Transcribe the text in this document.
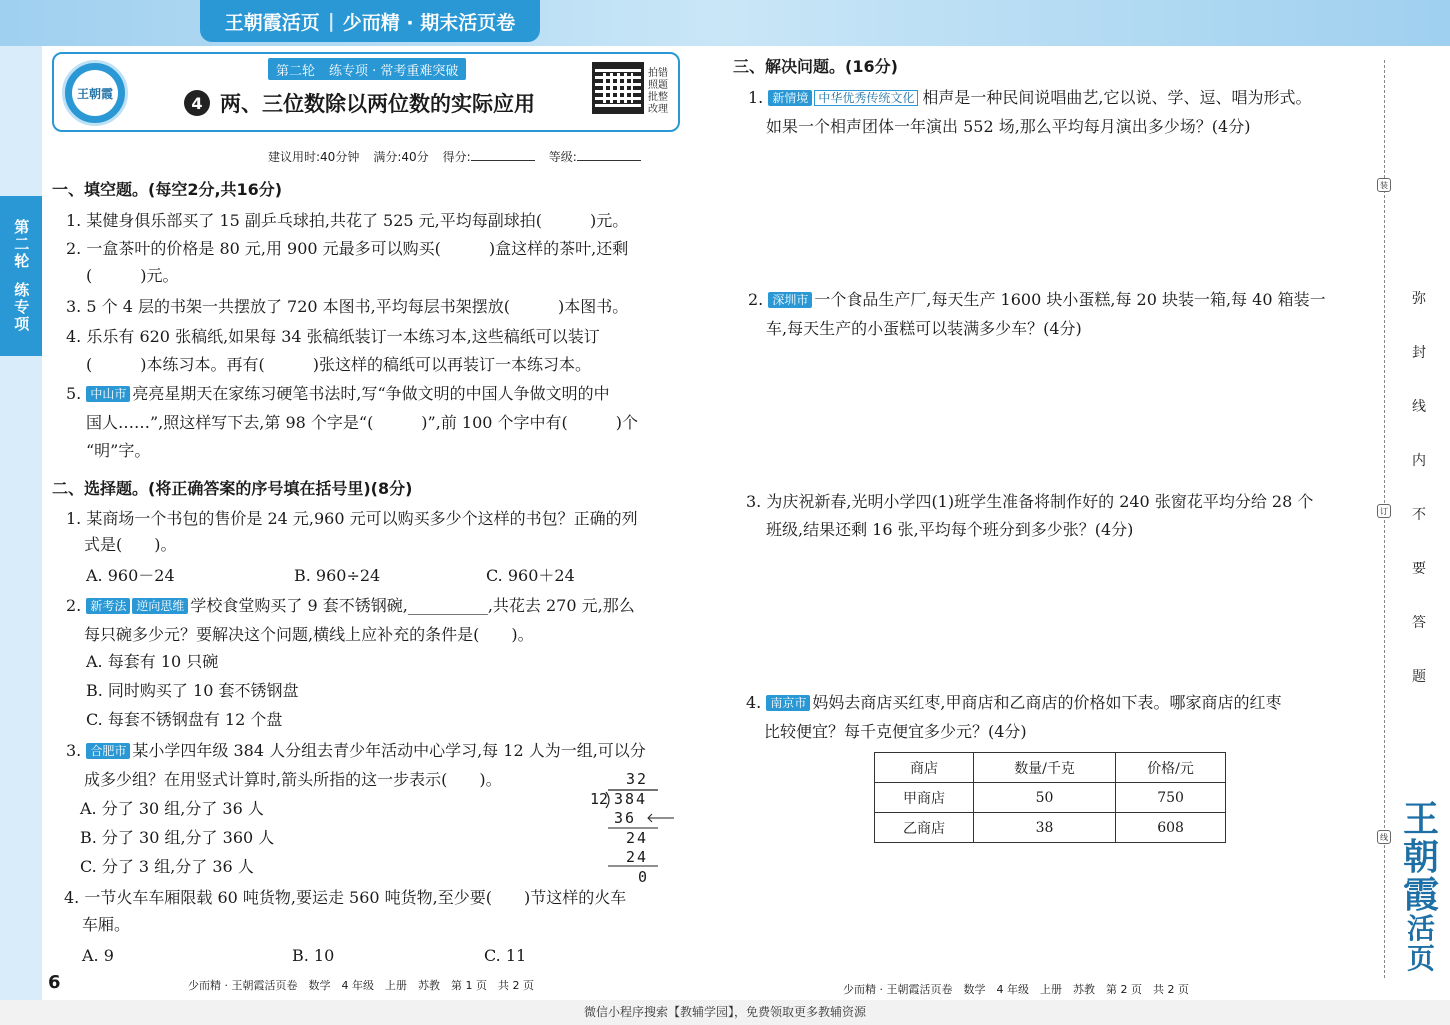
王朝霞活页 | 少而精 · 期末活页卷
第二轮
练专项
王朝霞
第二轮 练专项 · 常考重难突破
4 两、三位数除以两位数的实际应用
拍错照题批整改理
建议用时:40分钟 满分:40分 得分:	等级:
一、填空题。(每空2分,共16分)
1. 某健身俱乐部买了 15 副乒乓球拍,共花了 525 元,平均每副球拍(　　　)元。
2. 一盒茶叶的价格是 80 元,用 900 元最多可以购买(　　　)盒这样的茶叶,还剩
(　　　)元。
3. 5 个 4 层的书架一共摆放了 720 本图书,平均每层书架摆放(　　　)本图书。
4. 乐乐有 620 张稿纸,如果每 34 张稿纸装订一本练习本,这些稿纸可以装订
(　　　)本练习本。再有(　　　)张这样的稿纸可以再装订一本练习本。
5. 中山市 亮亮星期天在家练习硬笔书法时,写“争做文明的中国人争做文明的中
国人……”,照这样写下去,第 98 个字是“(　　　)”,前 100 个字中有(　　　)个
“明”字。
二、选择题。(将正确答案的序号填在括号里)(8分)
1. 某商场一个书包的售价是 24 元,960 元可以购买多少个这样的书包？正确的列
式是(　　)。
A. 960－24	B. 960÷24	C. 960＋24
2. 新考法 逆向思维 学校食堂购买了 9 套不锈钢碗,__________,共花去 270 元,那么
每只碗多少元？要解决这个问题,横线上应补充的条件是(　　)。
A. 每套有 10 只碗
B. 同时购买了 10 套不锈钢盘
C. 每套不锈钢盘有 12 个盘
3. 合肥市 某小学四年级 384 人分组去青少年活动中心学习,每 12 人为一组,可以分
成多少组？在用竖式计算时,箭头所指的这一步表示(　　)。
A. 分了 30 组,分了 36 人
B. 分了 30 组,分了 360 人
C. 分了 3 组,分了 36 人
32
12 384
36
24
24
0
4. 一节火车车厢限载 60 吨货物,要运走 560 吨货物,至少要(　　)节这样的火车
车厢。
A. 9	B. 10	C. 11
三、解决问题。(16分)
1. 新情境 中华优秀传统文化 相声是一种民间说唱曲艺,它以说、学、逗、唱为形式。
如果一个相声团体一年演出 552 场,那么平均每月演出多少场？(4分)
2. 深圳市 一个食品生产厂,每天生产 1600 块小蛋糕,每 20 块装一箱,每 40 箱装一
车,每天生产的小蛋糕可以装满多少车？(4分)
3. 为庆祝新春,光明小学四(1)班学生准备将制作好的 240 张窗花平均分给 28 个
班级,结果还剩 16 张,平均每个班分到多少张？(4分)
4. 南京市 妈妈去商店买红枣,甲商店和乙商店的价格如下表。哪家商店的红枣
比较便宜？每千克便宜多少元？(4分)
商店	数量/千克	价格/元
甲商店	50	750
乙商店	38	608
装
订
线
弥
封
线
内
不
要
答
题
王
朝
霞
活页
6	少而精 · 王朝霞活页卷　数学　4 年级　上册　苏教　第 1 页　共 2 页	少而精 · 王朝霞活页卷　数学　4 年级　上册　苏教　第 2 页　共 2 页
微信小程序搜索【教辅学园】，免费领取更多教辅资源
